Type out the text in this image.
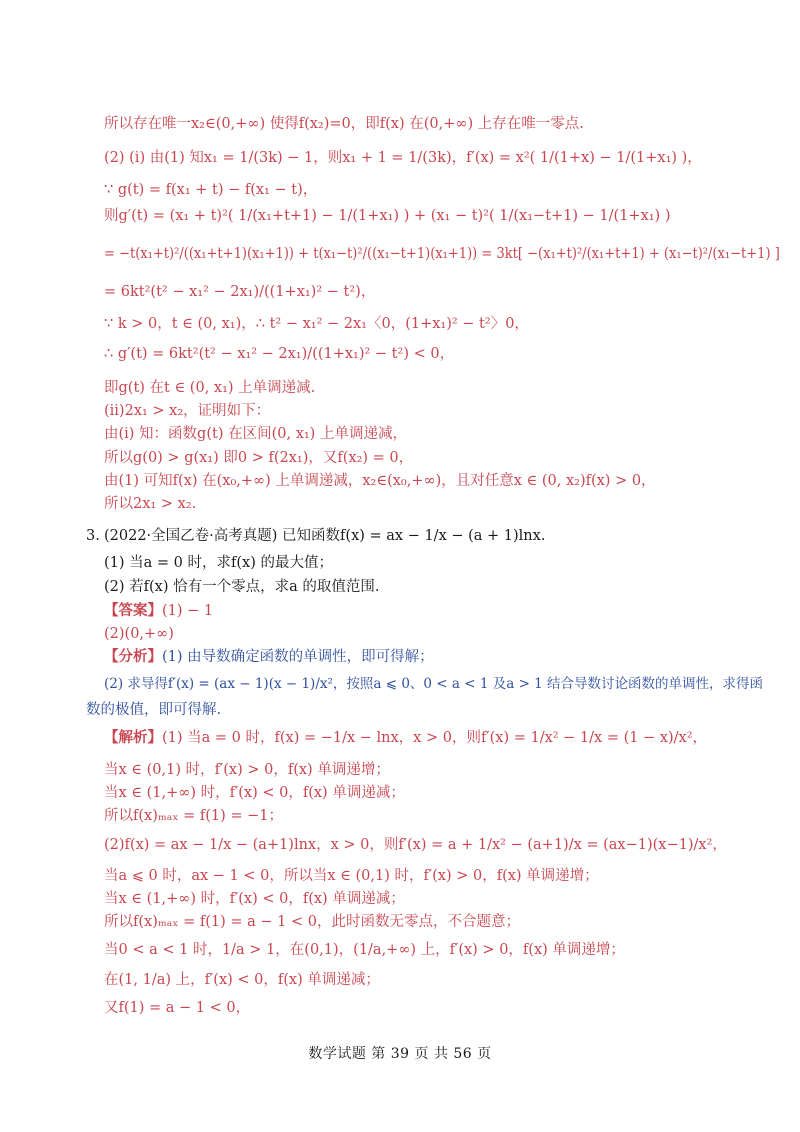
所以存在唯一x₂∈(0,+∞) 使得f(x₂)=0，即f(x) 在(0,+∞) 上存在唯一零点.
(2) (i) 由(1) 知x₁ = 1/(3k) − 1，则x₁ + 1 = 1/(3k)，f′(x) = x²( 1/(1+x) − 1/(1+x₁) )，
∵ g(t) = f(x₁ + t) − f(x₁ − t)，
则g′(t) = (x₁ + t)²( 1/(x₁+t+1) − 1/(1+x₁) ) + (x₁ − t)²( 1/(x₁−t+1) − 1/(1+x₁) )
= −t(x₁+t)²/((x₁+t+1)(x₁+1)) + t(x₁−t)²/((x₁−t+1)(x₁+1)) = 3kt[ −(x₁+t)²/(x₁+t+1) + (x₁−t)²/(x₁−t+1) ]
= 6kt²(t² − x₁² − 2x₁)/((1+x₁)² − t²)，
∵ k > 0，t ∈ (0, x₁)，∴ t² − x₁² − 2x₁〈0，(1+x₁)² − t²〉0，
∴ g′(t) = 6kt²(t² − x₁² − 2x₁)/((1+x₁)² − t²) < 0，
即g(t) 在t ∈ (0, x₁) 上单调递减.
(ii)2x₁ > x₂，证明如下：
由(i) 知：函数g(t) 在区间(0, x₁) 上单调递减，
所以g(0) > g(x₁) 即0 > f(2x₁)，又f(x₂) = 0，
由(1) 可知f(x) 在(x₀,+∞) 上单调递减，x₂∈(x₀,+∞)，且对任意x ∈ (0, x₂)f(x) > 0，
所以2x₁ > x₂.
3. (2022·全国乙卷·高考真题) 已知函数f(x) = ax − 1/x − (a + 1)lnx.
(1) 当a = 0 时，求f(x) 的最大值；
(2) 若f(x) 恰有一个零点，求a 的取值范围.
【答案】(1) − 1
(2)(0,+∞)
【分析】(1) 由导数确定函数的单调性，即可得解；
(2) 求导得f′(x) = (ax − 1)(x − 1)/x²，按照a ⩽ 0、0 < a < 1 及a > 1 结合导数讨论函数的单调性，求得函
数的极值，即可得解.
【解析】(1) 当a = 0 时，f(x) = −1/x − lnx，x > 0，则f′(x) = 1/x² − 1/x = (1 − x)/x²，
当x ∈ (0,1) 时，f′(x) > 0，f(x) 单调递增；
当x ∈ (1,+∞) 时，f′(x) < 0，f(x) 单调递减；
所以f(x)ₘₐₓ = f(1) = −1；
(2)f(x) = ax − 1/x − (a+1)lnx，x > 0，则f′(x) = a + 1/x² − (a+1)/x = (ax−1)(x−1)/x²，
当a ⩽ 0 时，ax − 1 < 0，所以当x ∈ (0,1) 时，f′(x) > 0，f(x) 单调递增；
当x ∈ (1,+∞) 时，f′(x) < 0，f(x) 单调递减；
所以f(x)ₘₐₓ = f(1) = a − 1 < 0，此时函数无零点，不合题意；
当0 < a < 1 时，1/a > 1，在(0,1)，(1/a,+∞) 上，f′(x) > 0，f(x) 单调递增；
在(1, 1/a) 上，f′(x) < 0，f(x) 单调递减；
又f(1) = a − 1 < 0，
数学试题 第 39 页 共 56 页
